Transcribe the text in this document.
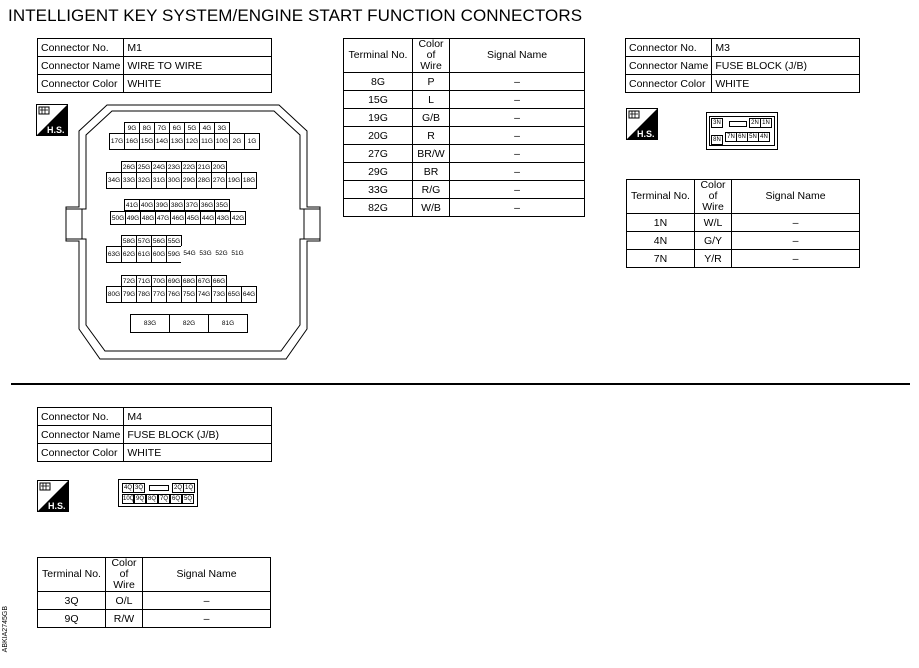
INTELLIGENT KEY SYSTEM/ENGINE START FUNCTION CONNECTORS
Connector No.	M1
Connector Name	WIRE TO WIRE
Connector Color	WHITE
H.S.	9G 8G 7G 6G 5G 4G 3G
17G 16G 15G 14G 13G 12G 11G 10G 2G 1G
26G 25G 24G 23G 22G 21G 20G
34G 33G 32G 31G 30G 29G 28G 27G 19G 18G
41G 40G 39G 38G 37G 36G 35G
50G 49G 48G 47G 46G 45G 44G 43G 42G
58G 57G 56G 55G
63G 62G 61G 60G 59G 54G 53G 52G 51G
72G 71G 70G 69G 68G 67G 66G
80G 79G 78G 77G 76G 75G 74G 73G 65G 64G
83G	82G	81G
Terminal No.	Color of Wire	Signal Name
8G	P	–
15G	L	–
19G	G/B	–
20G	R	–
27G	BR/W	–
29G	BR	–
33G	R/G	–
82G	W/B	–
Connector No.	M3
Connector Name	FUSE BLOCK (J/B)
Connector Color	WHITE
H.S.
3N	2N 1N
8N	7N 6N 5N 4N
Terminal No.	Color of Wire	Signal Name
1N	W/L	–
4N	G/Y	–
7N	Y/R	–
Connector No.	M4
Connector Name	FUSE BLOCK (J/B)
Connector Color	WHITE
H.S.
4Q 3Q	2Q 1Q
10Q 9Q 8Q 7Q 6Q 5Q
Terminal No.	Color of Wire	Signal Name
3Q	O/L	–
9Q	R/W	–
ABKIA2745GB
